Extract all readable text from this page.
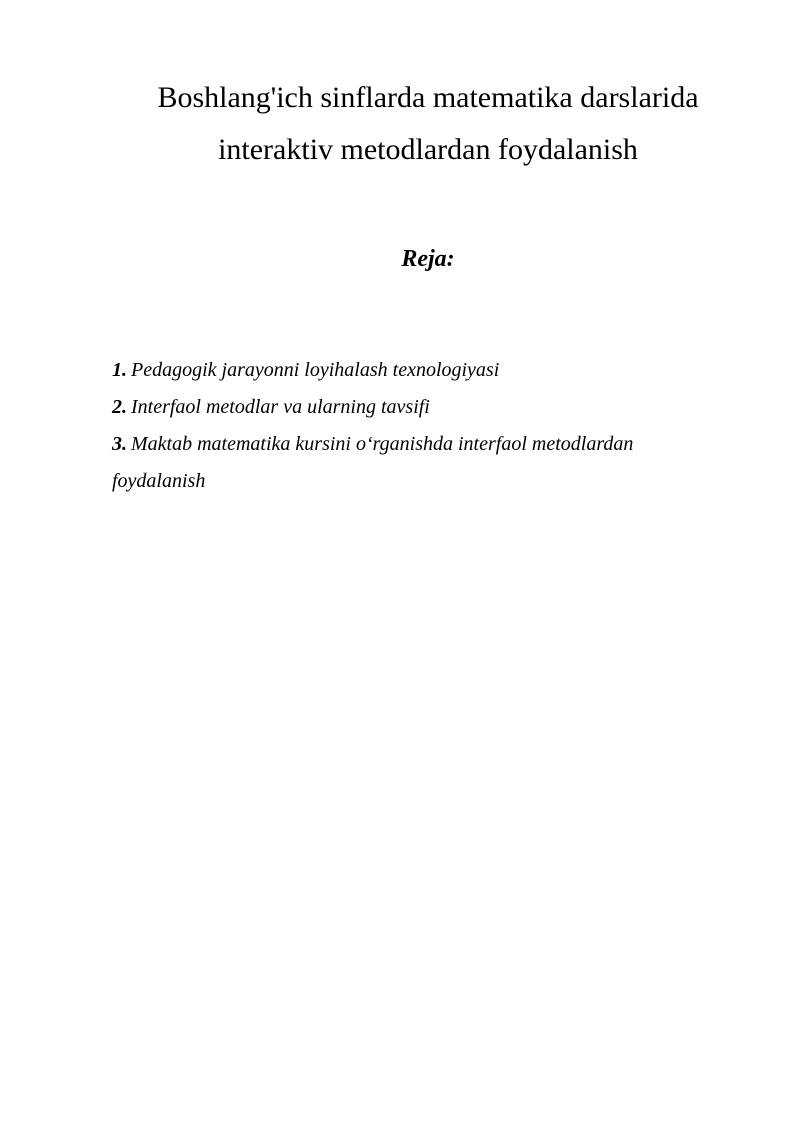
Boshlang'ich sinflarda matematika darslarida
interaktiv metodlardan foydalanish
Reja:
1. Pedagogik jarayonni loyihalash texnologiyasi
2. Interfaol metodlar va ularning tavsifi
3. Maktab matematika kursini o‘rganishda interfaol metodlardan
foydalanish
